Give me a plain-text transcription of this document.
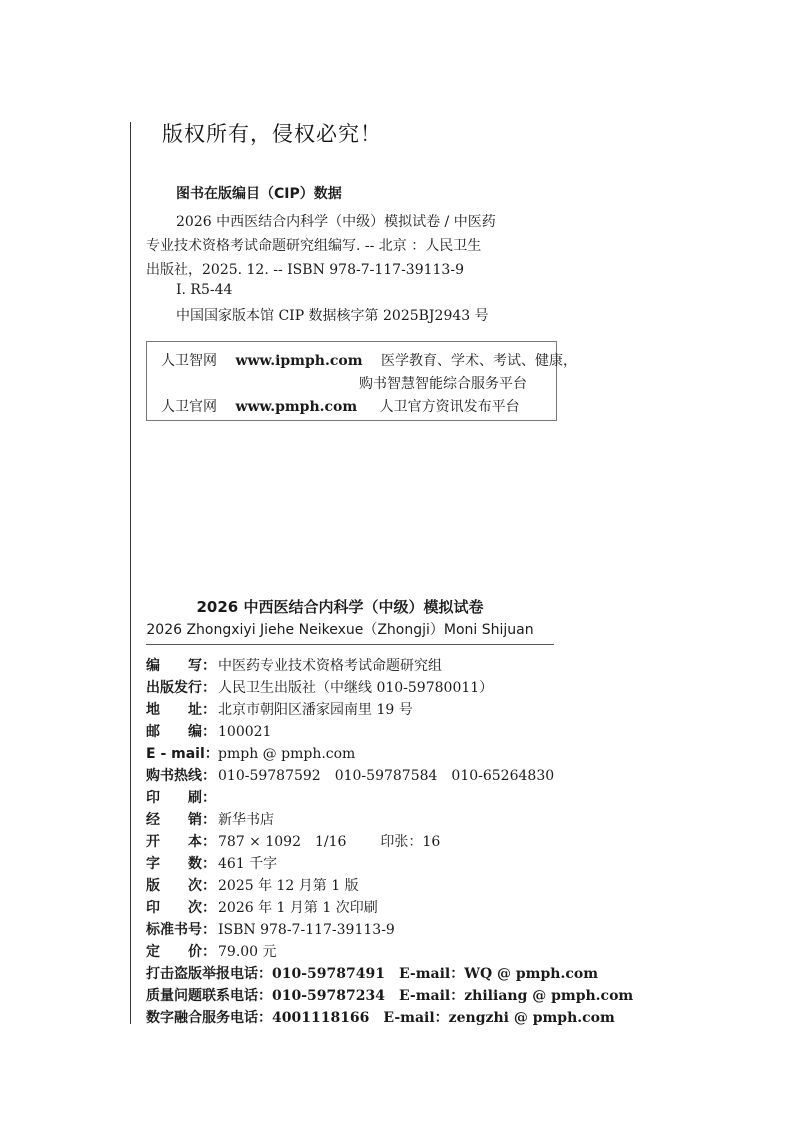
版权所有，侵权必究！
图书在版编目（CIP）数据
2026 中西医结合内科学（中级）模拟试卷 / 中医药
专业技术资格考试命题研究组编写. -- 北京 ：人民卫生
出版社，2025. 12. -- ISBN 978-7-117-39113-9
Ⅰ. R5-44
中国国家版本馆 CIP 数据核字第 2025BJ2943 号
人卫智网 www.ipmph.com 医学教育、学术、考试、健康，
购书智慧智能综合服务平台
人卫官网 www.pmph.com 人卫官方资讯发布平台
2026 中西医结合内科学（中级）模拟试卷
2026 Zhongxiyi Jiehe Neikexue（Zhongji）Moni Shijuan
编　　写： 中医药专业技术资格考试命题研究组
出版发行： 人民卫生出版社（中继线 010-59780011）
地　　址： 北京市朝阳区潘家园南里 19 号
邮　　编： 100021
E - mail：pmph @ pmph.com
购书热线： 010-59787592　010-59787584　010-65264830
印　　刷：
经　　销： 新华书店
开　　本： 787 × 1092　1/16 印张：16
字　　数： 461 千字
版　　次： 2025 年 12 月第 1 版
印　　次： 2026 年 1 月第 1 次印刷
标准书号： ISBN 978-7-117-39113-9
定　　价： 79.00 元
打击盗版举报电话：010-59787491 E-mail：WQ @ pmph.com
质量问题联系电话：010-59787234 E-mail：zhiliang @ pmph.com
数字融合服务电话：4001118166 E-mail：zengzhi @ pmph.com
